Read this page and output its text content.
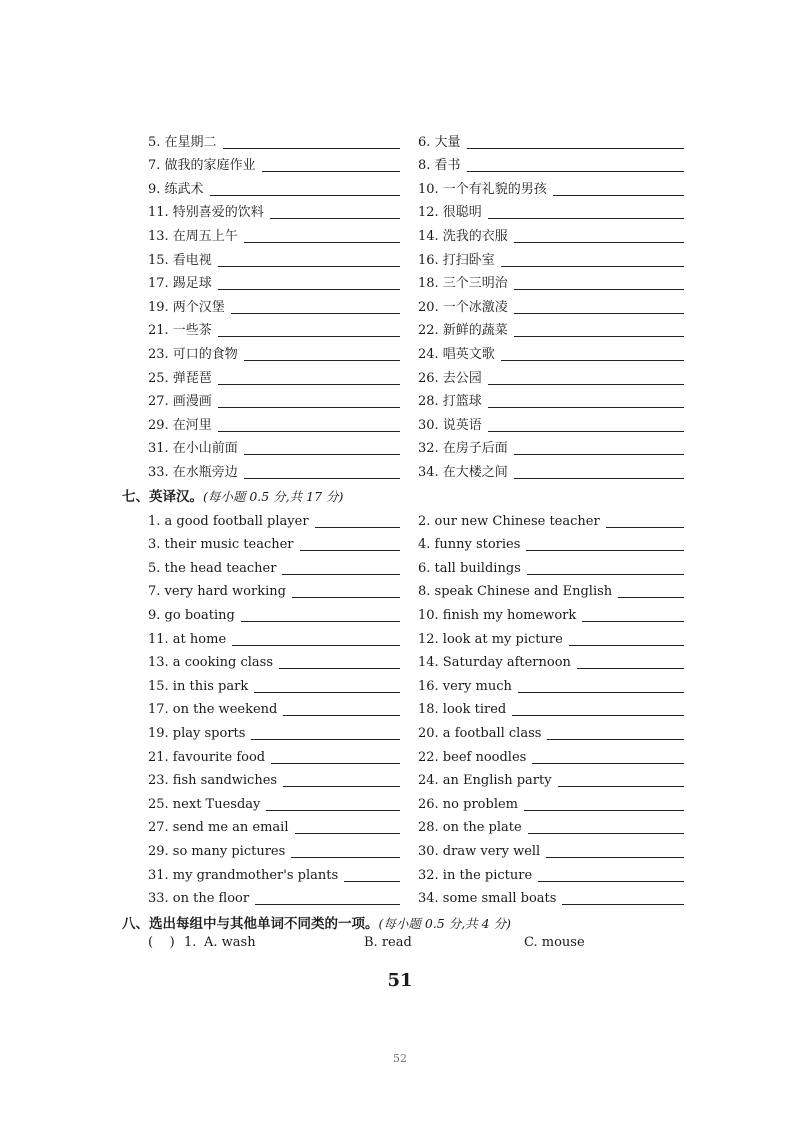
5. 在星期二	6. 大量
7. 做我的家庭作业	8. 看书
9. 练武术	10. 一个有礼貌的男孩
11. 特别喜爱的饮料	12. 很聪明
13. 在周五上午	14. 洗我的衣服
15. 看电视	16. 打扫卧室
17. 踢足球	18. 三个三明治
19. 两个汉堡	20. 一个冰激凌
21. 一些茶	22. 新鲜的蔬菜
23. 可口的食物	24. 唱英文歌
25. 弹琵琶	26. 去公园
27. 画漫画	28. 打篮球
29. 在河里	30. 说英语
31. 在小山前面	32. 在房子后面
33. 在水瓶旁边	34. 在大楼之间
七、英译汉。(每小题 0.5 分,共 17 分)
1. a good football player	2. our new Chinese teacher
3. their music teacher	4. funny stories
5. the head teacher	6. tall buildings
7. very hard working	8. speak Chinese and English
9. go boating	10. finish my homework
11. at home	12. look at my picture
13. a cooking class	14. Saturday afternoon
15. in this park	16. very much
17. on the weekend	18. look tired
19. play sports	20. a football class
21. favourite food	22. beef noodles
23. fish sandwiches	24. an English party
25. next Tuesday	26. no problem
27. send me an email	28. on the plate
29. so many pictures	30. draw very well
31. my grandmother's plants	32. in the picture
33. on the floor	34. some small boats
八、选出每组中与其他单词不同类的一项。(每小题 0.5 分,共 4 分)
( ) 1. A. wash	B. read	C. mouse
51
52
